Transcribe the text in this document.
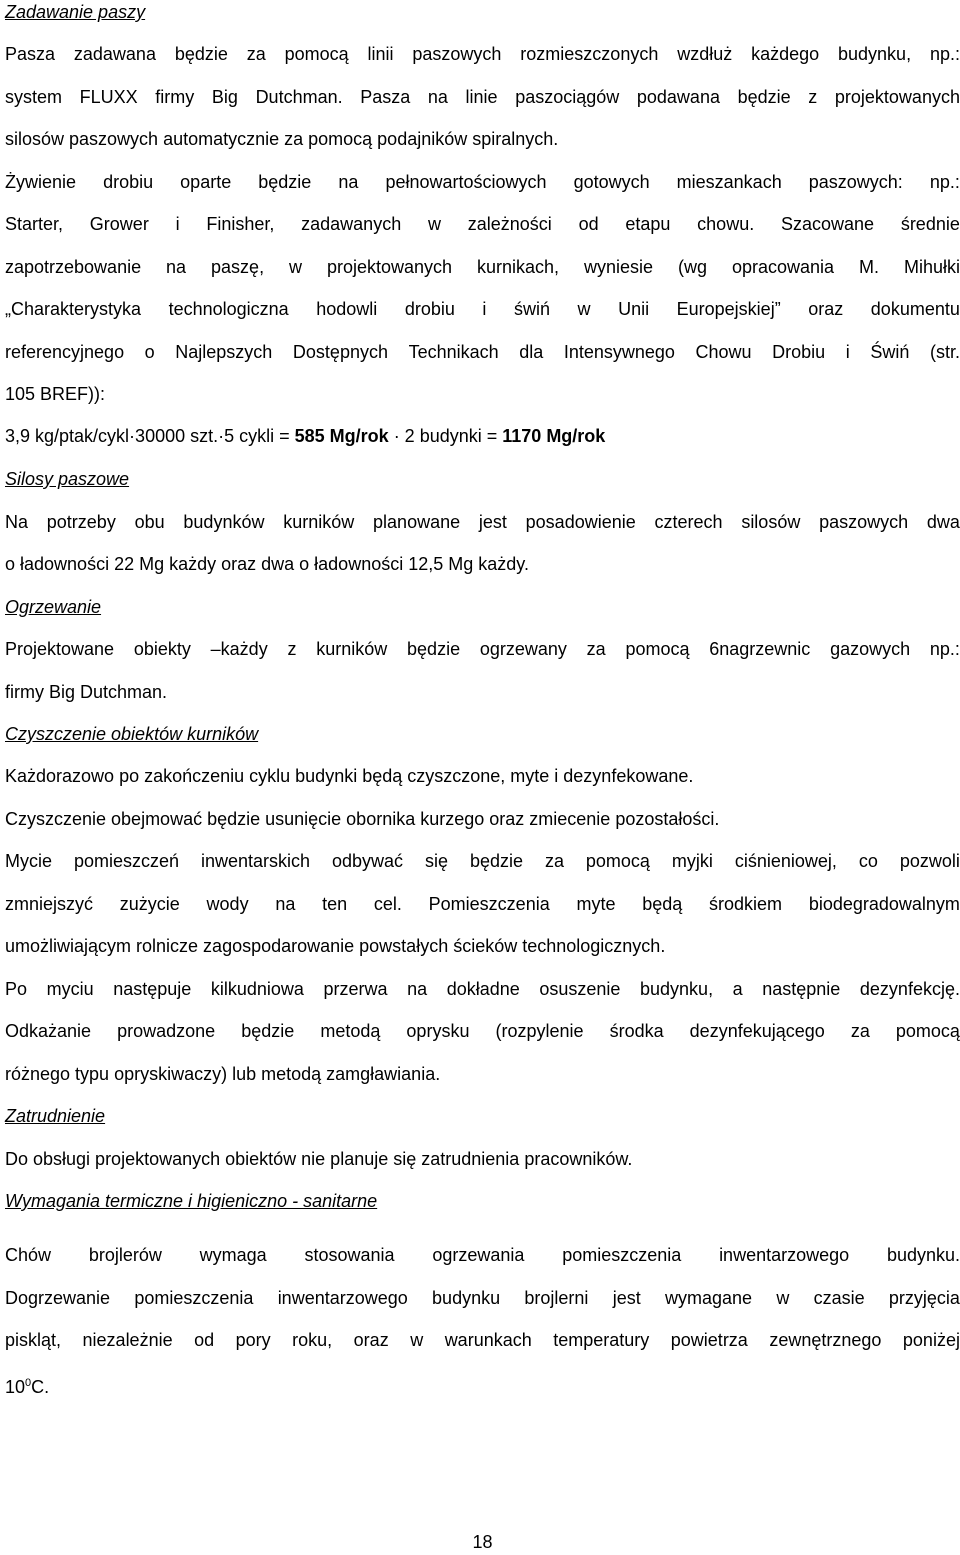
Zadawanie paszy
Pasza zadawana będzie za pomocą linii paszowych rozmieszczonych wzdłuż każdego budynku, np.:
system FLUXX firmy Big Dutchman. Pasza na linie paszociągów podawana będzie z projektowanych
silosów paszowych automatycznie za pomocą podajników spiralnych.
Żywienie drobiu oparte będzie na pełnowartościowych gotowych mieszankach paszowych: np.:
Starter, Grower i Finisher, zadawanych w zależności od etapu chowu. Szacowane średnie
zapotrzebowanie na paszę, w projektowanych kurnikach, wyniesie (wg opracowania M. Mihułki
„Charakterystyka technologiczna hodowli drobiu i świń w Unii Europejskiej” oraz dokumentu
referencyjnego o Najlepszych Dostępnych Technikach dla Intensywnego Chowu Drobiu i Świń (str.
105 BREF)):
3,9 kg/ptak/cykl·30000 szt.·5 cykli = 585 Mg/rok · 2 budynki = 1170 Mg/rok
Silosy paszowe
Na potrzeby obu budynków kurników planowane jest posadowienie czterech silosów paszowych dwa
o ładowności 22 Mg każdy oraz dwa o ładowności 12,5 Mg każdy.
Ogrzewanie
Projektowane obiekty –każdy z kurników będzie ogrzewany za pomocą 6nagrzewnic gazowych np.:
firmy Big Dutchman.
Czyszczenie obiektów kurników
Każdorazowo po zakończeniu cyklu budynki będą czyszczone, myte i dezynfekowane.
Czyszczenie obejmować będzie usunięcie obornika kurzego oraz zmiecenie pozostałości.
Mycie pomieszczeń inwentarskich odbywać się będzie za pomocą myjki ciśnieniowej, co pozwoli
zmniejszyć zużycie wody na ten cel. Pomieszczenia myte będą środkiem biodegradowalnym
umożliwiającym rolnicze zagospodarowanie powstałych ścieków technologicznych.
Po myciu następuje kilkudniowa przerwa na dokładne osuszenie budynku, a następnie dezynfekcję.
Odkażanie prowadzone będzie metodą oprysku (rozpylenie środka dezynfekującego za pomocą
różnego typu opryskiwaczy) lub metodą zamgławiania.
Zatrudnienie
Do obsługi projektowanych obiektów nie planuje się zatrudnienia pracowników.
Wymagania termiczne i higieniczno - sanitarne
Chów brojlerów wymaga stosowania ogrzewania pomieszczenia inwentarzowego budynku.
Dogrzewanie pomieszczenia inwentarzowego budynku brojlerni jest wymagane w czasie przyjęcia
piskląt, niezależnie od pory roku, oraz w warunkach temperatury powietrza zewnętrznego poniżej
$10^0C$.
18
